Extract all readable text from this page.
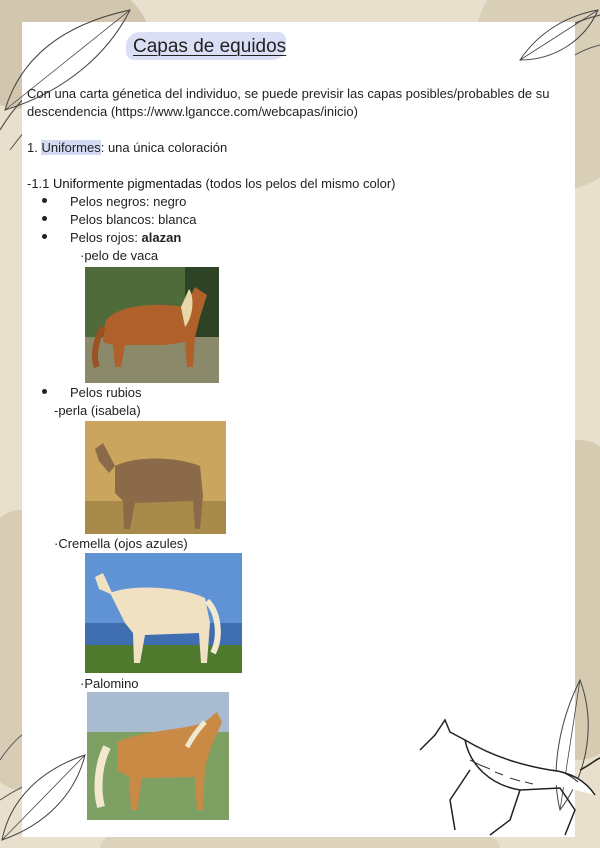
Capas de equidos
Con una carta génetica del individuo, se puede previsir las capas posibles/probables de su
descendencia (https://www.lgancce.com/webcapas/inicio)
1. Uniformes: una única coloración
-1.1 Uniformente pigmentadas (todos los pelos del mismo color)
Pelos negros: negro
Pelos blancos: blanca
Pelos rojos: alazan
·pelo de vaca
Pelos rubios
-perla (isabela)
·Cremella (ojos azules)
·Palomino
